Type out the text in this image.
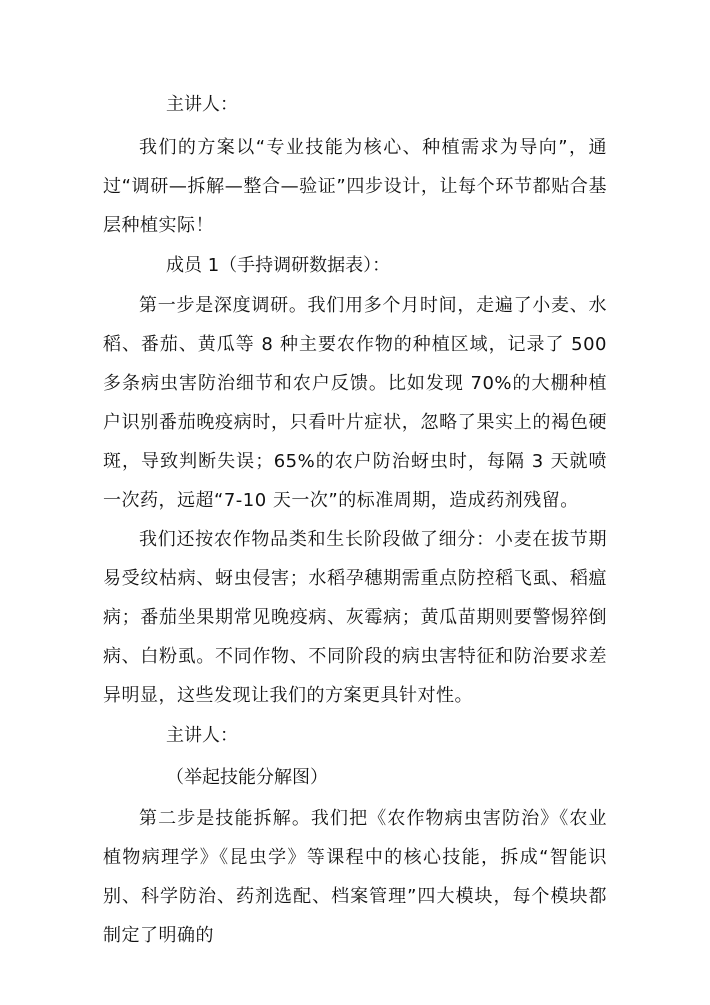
主讲人：

我们的方案以“专业技能为核心、种植需求为导向”，通过“调研—拆解—整合—验证”四步设计，让每个环节都贴合基层种植实际！

成员 1（手持调研数据表）：

第一步是深度调研。我们用多个月时间，走遍了小麦、水稻、番茄、黄瓜等 8 种主要农作物的种植区域，记录了 500 多条病虫害防治细节和农户反馈。比如发现 70%的大棚种植户识别番茄晚疫病时，只看叶片症状，忽略了果实上的褐色硬斑，导致判断失误；65%的农户防治蚜虫时，每隔 3 天就喷一次药，远超“7-10 天一次”的标准周期，造成药剂残留。

我们还按农作物品类和生长阶段做了细分：小麦在拔节期易受纹枯病、蚜虫侵害；水稻孕穗期需重点防控稻飞虱、稻瘟病；番茄坐果期常见晚疫病、灰霉病；黄瓜苗期则要警惕猝倒病、白粉虱。不同作物、不同阶段的病虫害特征和防治要求差异明显，这些发现让我们的方案更具针对性。

主讲人：

（举起技能分解图）

第二步是技能拆解。我们把《农作物病虫害防治》《农业植物病理学》《昆虫学》等课程中的核心技能，拆成“智能识别、科学防治、药剂选配、档案管理”四大模块，每个模块都制定了明确的
